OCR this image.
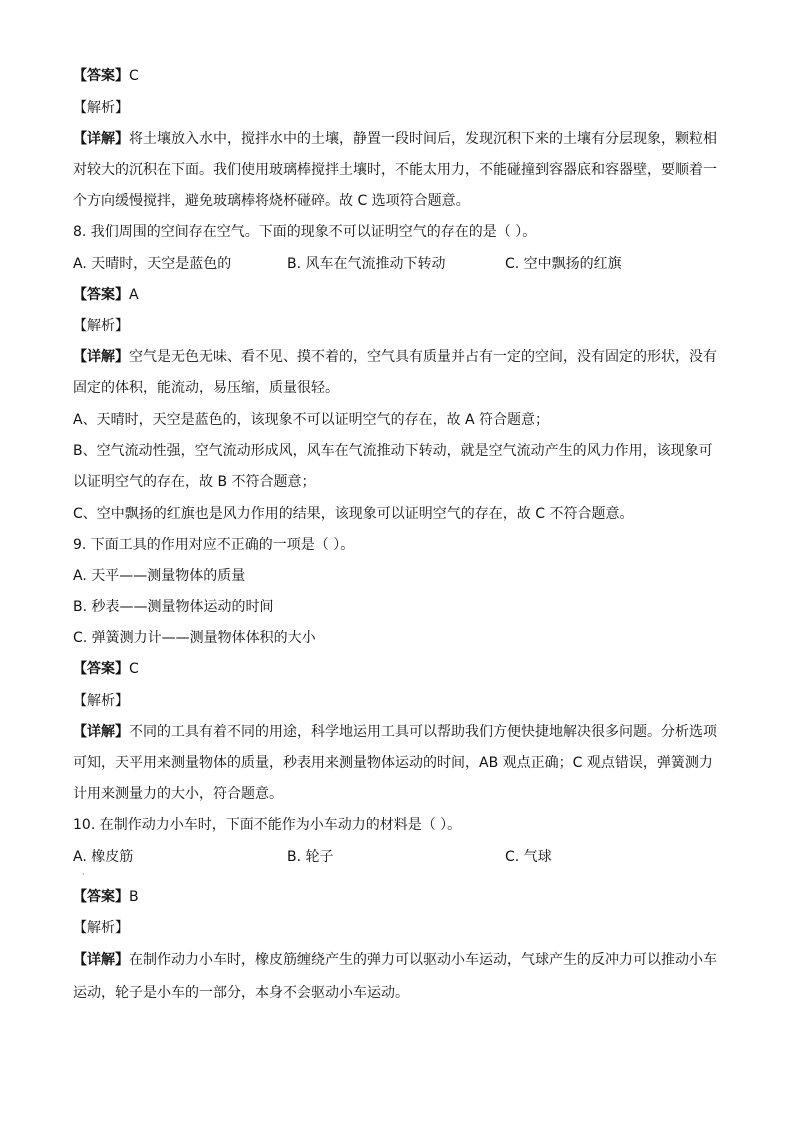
【答案】C
【解析】
【详解】将土壤放入水中，搅拌水中的土壤，静置一段时间后，发现沉积下来的土壤有分层现象，颗粒相
对较大的沉积在下面。我们使用玻璃棒搅拌土壤时，不能太用力，不能碰撞到容器底和容器壁，要顺着一
个方向缓慢搅拌，避免玻璃棒将烧杯碰碎。故 C 选项符合题意。
8. 我们周围的空间存在空气。下面的现象不可以证明空气的存在的是（ ）。
A. 天晴时，天空是蓝色的	B. 风车在气流推动下转动	C. 空中飘扬的红旗
【答案】A
【解析】
【详解】空气是无色无味、看不见、摸不着的，空气具有质量并占有一定的空间，没有固定的形状，没有
固定的体积，能流动，易压缩，质量很轻。
A、天晴时，天空是蓝色的，该现象不可以证明空气的存在，故 A 符合题意；
B、空气流动性强，空气流动形成风，风车在气流推动下转动，就是空气流动产生的风力作用，该现象可
以证明空气的存在，故 B 不符合题意；
C、空中飘扬的红旗也是风力作用的结果，该现象可以证明空气的存在，故 C 不符合题意。
9. 下面工具的作用对应不正确的一项是（ ）。
A. 天平——测量物体的质量
B. 秒表——测量物体运动的时间
C. 弹簧测力计——测量物体体积的大小
【答案】C
【解析】
【详解】不同的工具有着不同的用途，科学地运用工具可以帮助我们方便快捷地解决很多问题。分析选项
可知，天平用来测量物体的质量，秒表用来测量物体运动的时间，AB 观点正确；C 观点错误，弹簧测力
计用来测量力的大小，符合题意。
10. 在制作动力小车时，下面不能作为小车动力的材料是（ ）。
A. 橡皮筋	B. 轮子	C. 气球
·
【答案】B
【解析】
【详解】在制作动力小车时，橡皮筋缠绕产生的弹力可以驱动小车运动，气球产生的反冲力可以推动小车
运动，轮子是小车的一部分，本身不会驱动小车运动。
